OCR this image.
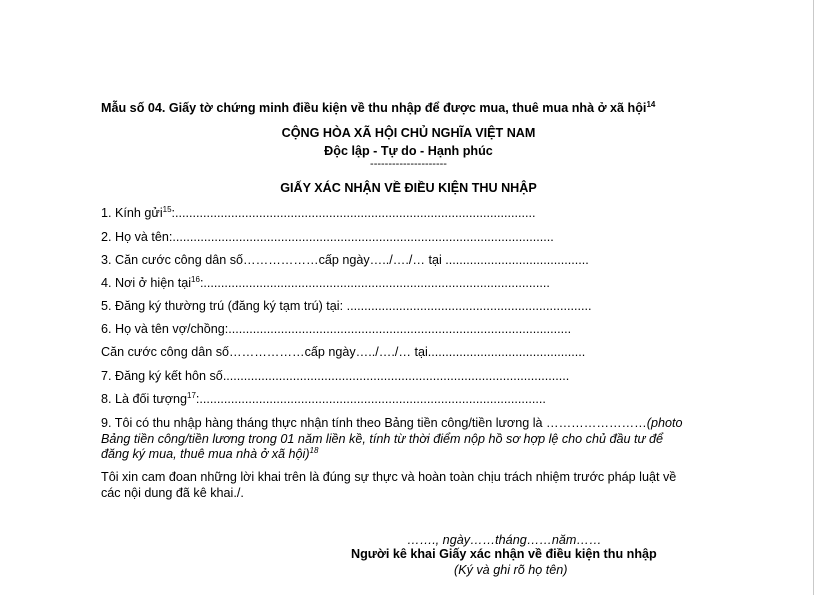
Mẫu số 04. Giấy tờ chứng minh điều kiện về thu nhập để được mua, thuê mua nhà ở xã hội$^{14}$
CỘNG HÒA XÃ HỘI CHỦ NGHĨA VIỆT NAM
Độc lập - Tự do - Hạnh phúc
---------------------
GIẤY XÁC NHẬN VỀ ĐIỀU KIỆN THU NHẬP
1. Kính gửi$^{15}$:.......................................................................................................
2. Họ và tên:.............................................................................................................
3. Căn cước công dân số………………cấp ngày…../…./… tại .........................................
4. Nơi ở hiện tại$^{16}$:...................................................................................................
5. Đăng ký thường trú (đăng ký tạm trú) tại: ......................................................................
6. Họ và tên vợ/chồng:..................................................................................................
Căn cước công dân số………………cấp ngày…../…./… tại.............................................
7. Đăng ký kết hôn số...................................................................................................
8. Là đối tượng$^{17}$:...................................................................................................
9. Tôi có thu nhập hàng tháng thực nhận tính theo Bảng tiền công/tiền lương là ……………………(photo
Bảng tiền công/tiền lương trong 01 năm liền kề, tính từ thời điểm nộp hồ sơ hợp lệ cho chủ đầu tư để
đăng ký mua, thuê mua nhà ở xã hội)$^{18}$
Tôi xin cam đoan những lời khai trên là đúng sự thực và hoàn toàn chịu trách nhiệm trước pháp luật về
các nội dung đã kê khai./.
……., ngày……tháng……năm……
Người kê khai Giấy xác nhận về điều kiện thu nhập
(Ký và ghi rõ họ tên)
